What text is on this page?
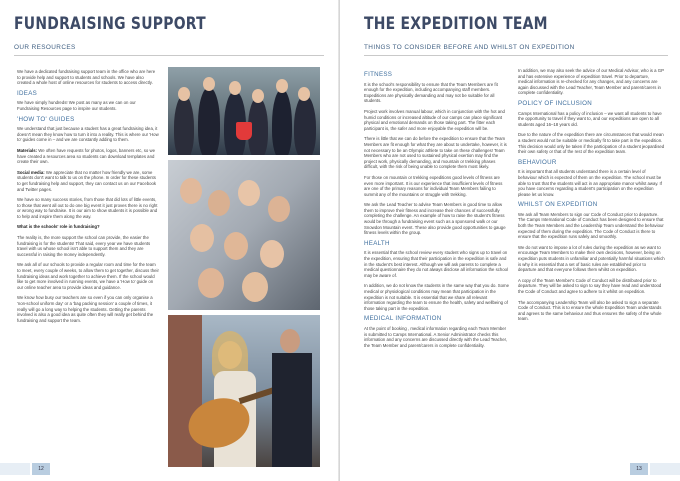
FUNDRAISING SUPPORT
OUR RESOURCES

We have a dedicated fundraising support team in the office who are here to provide help and support to students and schools. We have also created a whole host of online resources for students to access directly.

IDEAS

We have simply hundreds! We post as many as we can on our Fundraising Resources page to inspire our students.

'HOW TO' GUIDES

We understand that just because a student has a great fundraising idea, it doesn't mean they know how to turn it into a reality. This is where our 'How to' guides come in – and we are constantly adding to them.

Materials: We often have requests for photos, logos, banners etc, so we have created a resources area so students can download templates and create their own.

Social media: We appreciate that no matter how friendly we are, some students don't want to talk to us on the phone. In order for these students to get fundraising help and support, they can contact us on our Facebook and Twitter pages.

We have so many success stories, from those that did lots of little events, to those that went all out to do one big event it just proves there is no right or wrong way to fundraise. It is our aim to show students it is possible and to help and inspire them along the way.

What is the schools' role in fundraising?

The reality is, the more support the school can provide, the easier the fundraising is for the students! That said, every year we have students travel with us whose school isn't able to support them and they are successful in raising the money independently.

We ask all of our schools to provide a regular room and time for the team to meet, every couple of weeks, to allow them to get together, discuss their fundraising ideas and work together to achieve them. If the school would like to get more involved in running events, we have a 'How to' guide on our online teacher area to provide ideas and guidance.

We know how busy our teachers are so even if you can only organise a 'non-school uniform day' or a 'bag packing session' a couple of times, it really will go a long way to helping the students. Getting the parents involved is also a good idea as quite often they will really get behind the fundraising and support the team.

12
THE EXPEDITION TEAM
THINGS TO CONSIDER BEFORE AND WHILST ON EXPEDITION
FITNESS

It is the school's responsibility to ensure that the Team Members are fit enough for the expedition, including accompanying staff members. Expeditions are physically demanding and may not be suitable for all students.

Project work involves manual labour, which in conjunction with the hot and humid conditions or increased altitude of our camps can place significant physical and emotional demands on those taking part. The fitter each participant is, the safer and more enjoyable the expedition will be.

There is little that we can do before the expedition to ensure that the Team Members are fit enough for what they are about to undertake, however, it is not necessary to be an Olympic athlete to take on these challenges! Team Members who are not used to sustained physical exertion may find the project work, physically demanding, and mountain or trekking phases difficult, with the risk of being unable to complete them most likely.

For those on mountain or trekking expeditions good levels of fitness are even more important. It is our experience that insufficient levels of fitness are one of the primary reasons for individual Team Members failing to summit any of the mountains or struggle with trekking.

We ask the Lead Teacher to advise Team Members in good time to allow them to improve their fitness and increase their chances of successfully completing the challenge. An example of how to raise the student's fitness would be through a fundraising event such as a sponsored walk or our Snowdon Mountain event. These also provide good opportunities to gauge fitness levels within the group.

HEALTH

It is essential that the school review every student who signs up to travel on the expedition, ensuring that their participation in the expedition is safe and in the student's best interest. Although we will ask parents to complete a medical questionnaire they do not always disclose all information the school may be aware of.

In addition, we do not know the students in the same way that you do. Some medical or physiological conditions may mean that participation in the expedition is not suitable. It is essential that we share all relevant information regarding the team to ensure the health, safety and wellbeing of those taking part in the expedition.

MEDICAL INFORMATION

At the point of booking , medical information regarding each Team Member is submitted to Camps International. A Senior Administrator checks this information and any concerns are discussed directly with the Lead Teacher, the Team Member and parent/carers in complete confidentiality.

In addition, we may also seek the advice of our Medical Advisor, who is a GP and has extensive experience of expedition travel. Prior to departure, medical information is re-checked for any changes, and any concerns are again discussed with the Lead Teacher, Team Member and parent/carers in complete confidentiality.

POLICY OF INCLUSION

Camps International has a policy of inclusion – we want all students to have the opportunity to travel if they want to, and our expeditions are open to all students aged 16–18 years old.

Due to the nature of the expedition there are circumstances that would mean a student would not be suitable or medically fit to take part in the expedition. This decision would only be taken if the participation of a student jeopardised their own safety or that of the rest of the expedition team.

BEHAVIOUR

It is important that all students understand there is a certain level of behaviour which is expected of them on the expedition. The school must be able to trust that the students will act in an appropriate manor whilst away. If you have concerns regarding a student's participation on the expedition please let us know.

WHILST ON EXPEDITION

We ask all Team Members to sign our Code of Conduct prior to departure. The Camps International Code of Conduct has been designed to ensure that both the Team Members and the Leadership Team understand the behaviour expected of them during the expedition. The Code of Conduct is there to ensure that the expedition runs safely and smoothly.

We do not want to impose a lot of rules during the expedition as we want to encourage Team Members to make their own decisions, however, being on expedition puts students in unfamiliar and potentially harmful situations which is why it is essential that a set of basic rules are established prior to departure and that everyone follows them whilst on expedition.

A copy of the Team Member's Code of Conduct will be distributed prior to departure. They will be asked to sign to say they have read and understood the Code of Conduct and agree to adhere to it whilst on expedition.

The accompanying Leadership Team will also be asked to sign a separate Code of Conduct. This is to ensure the whole Expedition Team understands and agrees to the same behaviour and thus ensures the safety of the whole team.

13
